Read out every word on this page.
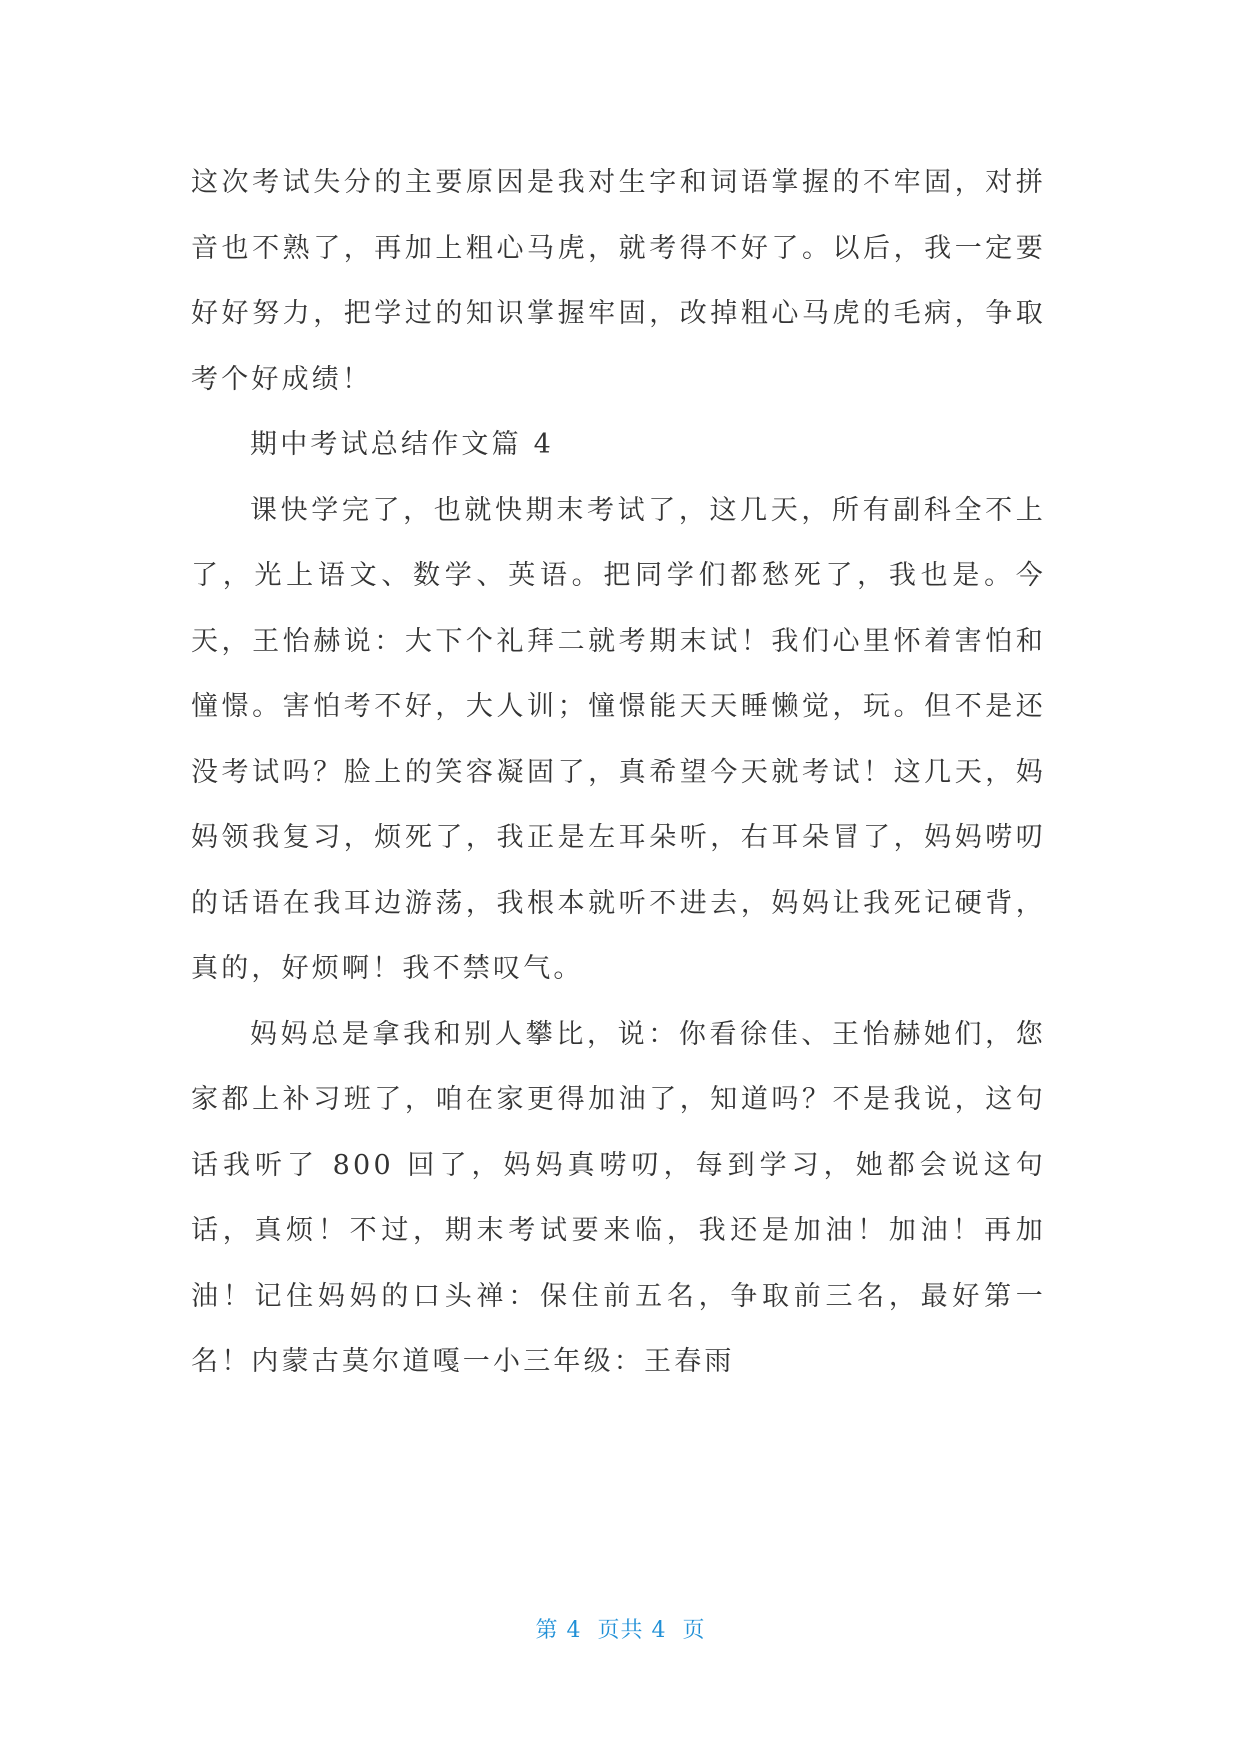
这次考试失分的主要原因是我对生字和词语掌握的不牢固，对拼音也不熟了，再加上粗心马虎，就考得不好了。以后，我一定要好好努力，把学过的知识掌握牢固，改掉粗心马虎的毛病，争取考个好成绩！

期中考试总结作文篇 4

课快学完了，也就快期末考试了，这几天，所有副科全不上了，光上语文、数学、英语。把同学们都愁死了，我也是。今天，王怡赫说：大下个礼拜二就考期末试！我们心里怀着害怕和憧憬。害怕考不好，大人训；憧憬能天天睡懒觉，玩。但不是还没考试吗？脸上的笑容凝固了，真希望今天就考试！这几天，妈妈领我复习，烦死了，我正是左耳朵听，右耳朵冒了，妈妈唠叨的话语在我耳边游荡，我根本就听不进去，妈妈让我死记硬背，真的，好烦啊！我不禁叹气。

妈妈总是拿我和别人攀比，说：你看徐佳、王怡赫她们，您家都上补习班了，咱在家更得加油了，知道吗？不是我说，这句话我听了 800 回了，妈妈真唠叨，每到学习，她都会说这句话，真烦！不过，期末考试要来临，我还是加油！加油！再加油！记住妈妈的口头禅：保住前五名，争取前三名，最好第一名！内蒙古莫尔道嘎一小三年级：王春雨

第 4  页共 4  页
